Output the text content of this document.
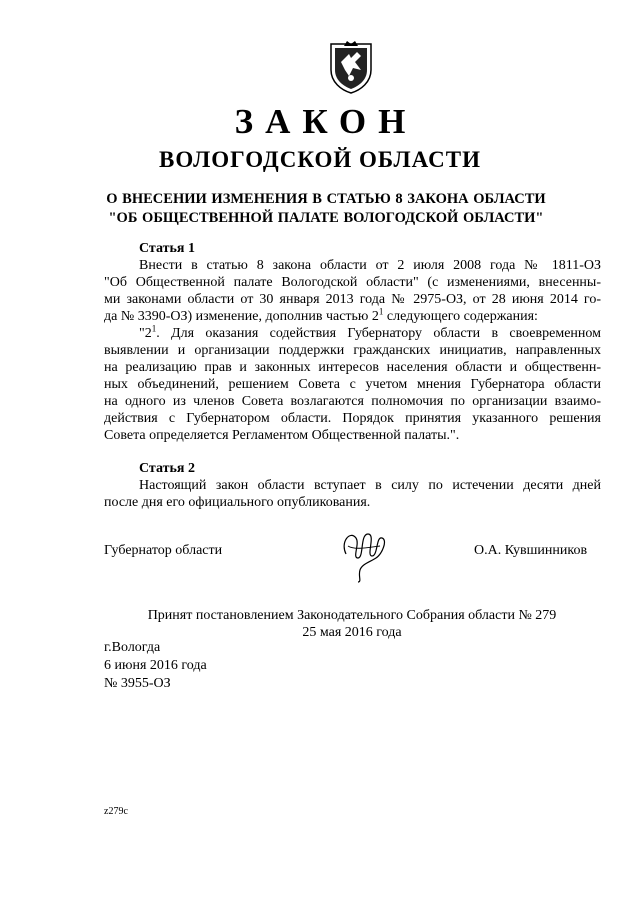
ЗАКОН
ВОЛОГОДСКОЙ ОБЛАСТИ
О ВНЕСЕНИИ ИЗМЕНЕНИЯ В СТАТЬЮ 8 ЗАКОНА ОБЛАСТИ
"ОБ ОБЩЕСТВЕННОЙ ПАЛАТЕ ВОЛОГОДСКОЙ ОБЛАСТИ"
Статья 1
Внести в статью 8 закона области от 2 июля 2008 года № 1811-ОЗ
"Об Общественной палате Вологодской области" (с изменениями, внесенны-
ми законами области от 30 января 2013 года № 2975-ОЗ, от 28 июня 2014 го-
да № 3390-ОЗ) изменение, дополнив частью $2^1$ следующего содержания:
"$2^1$. Для оказания содействия Губернатору области в своевременном
выявлении и организации поддержки гражданских инициатив, направленных
на реализацию прав и законных интересов населения области и общественн-
ных объединений, решением Совета с учетом мнения Губернатора области
на одного из членов Совета возлагаются полномочия по организации взаимо-
действия с Губернатором области. Порядок принятия указанного решения
Совета определяется Регламентом Общественной палаты.".
Статья 2
Настоящий закон области вступает в силу по истечении десяти дней
после дня его официального опубликования.
Губернатор области	О.А. Кувшинников
Принят постановлением Законодательного Собрания области № 279
25 мая 2016 года
г.Вологда
6 июня 2016 года
№ 3955-ОЗ
z279с
